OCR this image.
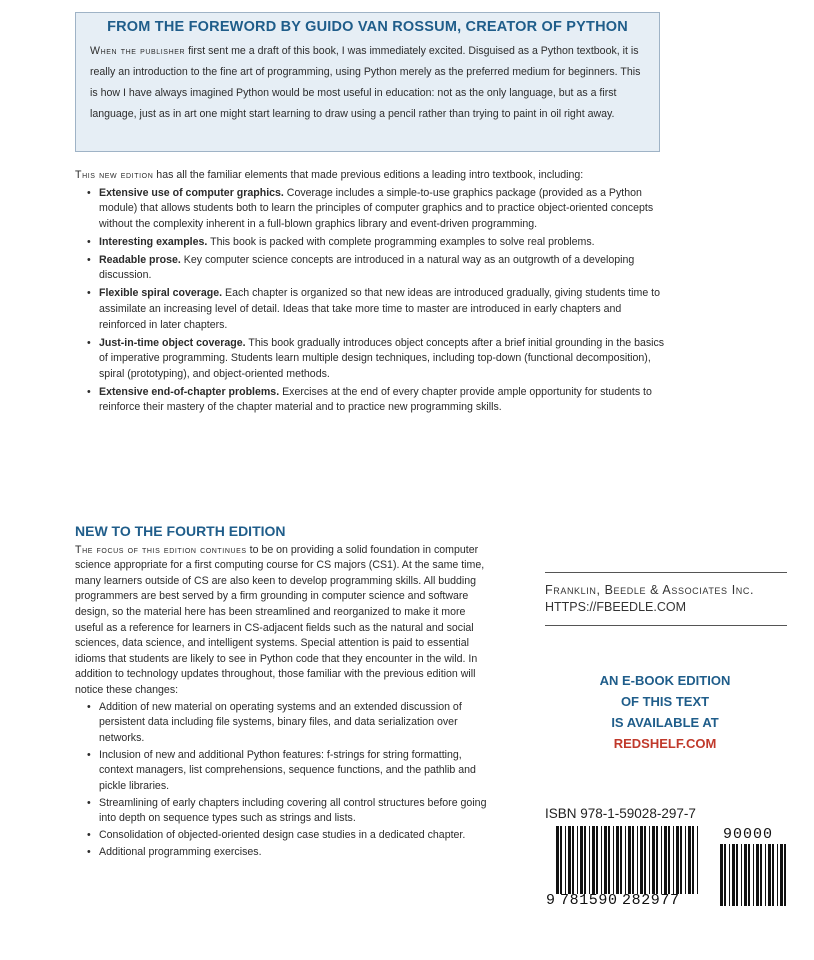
FROM THE FOREWORD BY GUIDO VAN ROSSUM, CREATOR OF PYTHON

When the publisher first sent me a draft of this book, I was immediately excited. Disguised as a Python textbook, it is really an introduction to the fine art of programming, using Python merely as the preferred medium for beginners. This is how I have always imagined Python would be most useful in education: not as the only language, but as a first language, just as in art one might start learning to draw using a pencil rather than trying to paint in oil right away.

This new edition has all the familiar elements that made previous editions a leading intro textbook, including:

• Extensive use of computer graphics. Coverage includes a simple-to-use graphics package (provided as a Python module) that allows students both to learn the principles of computer graphics and to practice object-oriented concepts without the complexity inherent in a full-blown graphics library and event-driven programming.
• Interesting examples. This book is packed with complete programming examples to solve real problems.
• Readable prose. Key computer science concepts are introduced in a natural way as an outgrowth of a developing discussion.
• Flexible spiral coverage. Each chapter is organized so that new ideas are introduced gradually, giving students time to assimilate an increasing level of detail. Ideas that take more time to master are introduced in early chapters and reinforced in later chapters.
• Just-in-time object coverage. This book gradually introduces object concepts after a brief initial grounding in the basics of imperative programming. Students learn multiple design techniques, including top-down (functional decomposition), spiral (prototyping), and object-oriented methods.
• Extensive end-of-chapter problems. Exercises at the end of every chapter provide ample opportunity for students to reinforce their mastery of the chapter material and to practice new programming skills.
NEW TO THE FOURTH EDITION

The focus of this edition continues to be on providing a solid foundation in computer science appropriate for a first computing course for CS majors (CS1). At the same time, many learners outside of CS are also keen to develop programming skills. All budding programmers are best served by a firm grounding in computer science and software design, so the material here has been streamlined and reorganized to make it more useful as a reference for learners in CS-adjacent fields such as the natural and social sciences, data science, and intelligent systems. Special attention is paid to essential idioms that students are likely to see in Python code that they encounter in the wild. In addition to technology updates throughout, those familiar with the previous edition will notice these changes:

• Addition of new material on operating systems and an extended discussion of persistent data including file systems, binary files, and data serialization over networks.
• Inclusion of new and additional Python features: f-strings for string formatting, context managers, list comprehensions, sequence functions, and the pathlib and pickle libraries.
• Streamlining of early chapters including covering all control structures before going into depth on sequence types such as strings and lists.
• Consolidation of objected-oriented design case studies in a dedicated chapter.
• Additional programming exercises.
Franklin, Beedle & Associates Inc.
HTTPS://FBEEDLE.COM
AN E-BOOK EDITION
OF THIS TEXT
IS AVAILABLE AT
REDSHELF.COM
ISBN 978-1-59028-297-7
9 781590 282977
90000
